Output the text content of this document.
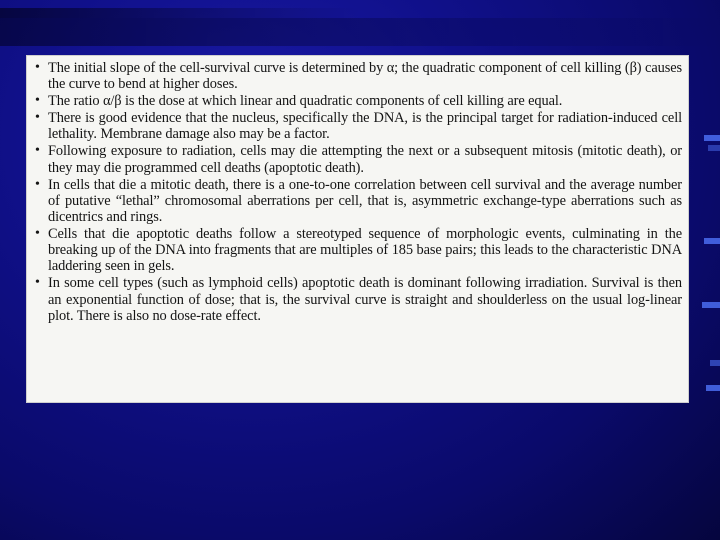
• The initial slope of the cell-survival curve is determined by α; the quadratic component of cell killing (β) causes the curve to bend at higher doses.
• The ratio α/β is the dose at which linear and quadratic components of cell killing are equal.
• There is good evidence that the nucleus, specifically the DNA, is the principal target for radiation-induced cell lethality. Membrane damage also may be a factor.
• Following exposure to radiation, cells may die attempting the next or a subsequent mitosis (mitotic death), or they may die programmed cell deaths (apoptotic death).
• In cells that die a mitotic death, there is a one-to-one correlation between cell survival and the average number of putative “lethal” chromosomal aberrations per cell, that is, asymmetric exchange-type aberrations such as dicentrics and rings.
• Cells that die apoptotic deaths follow a stereotyped sequence of morphologic events, culminating in the breaking up of the DNA into fragments that are multiples of 185 base pairs; this leads to the characteristic DNA laddering seen in gels.
• In some cell types (such as lymphoid cells) apoptotic death is dominant following irradiation. Survival is then an exponential function of dose; that is, the survival curve is straight and shoulderless on the usual log-linear plot. There is also no dose-rate effect.
